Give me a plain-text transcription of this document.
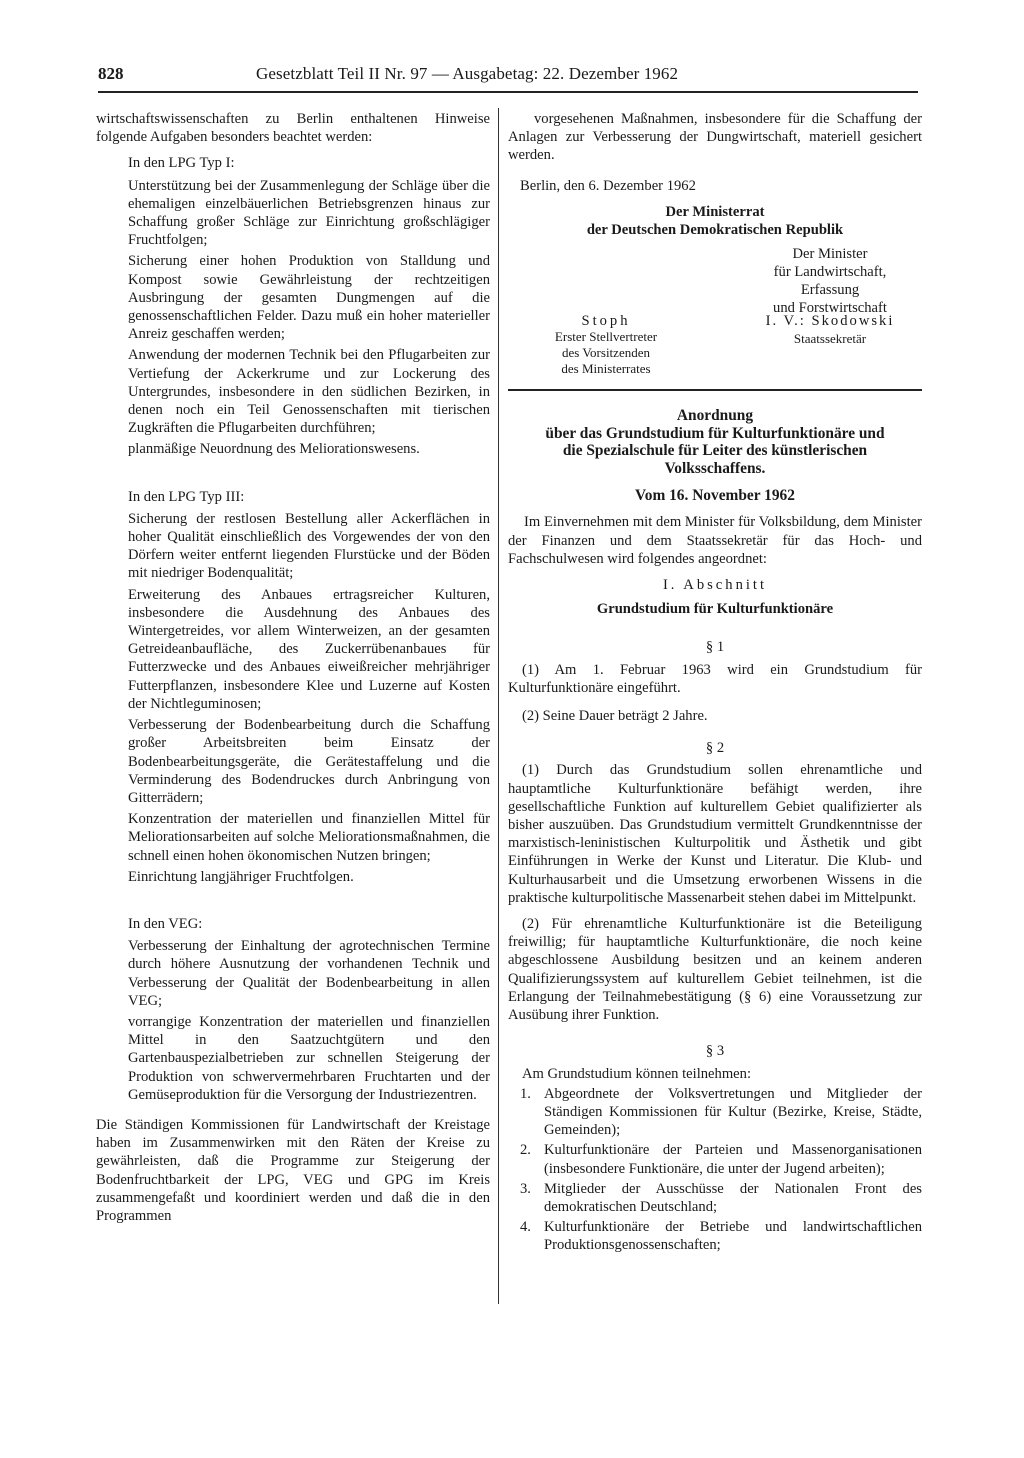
828	Gesetzblatt Teil II Nr. 97 — Ausgabetag: 22. Dezember 1962

wirtschaftswissenschaften zu Berlin enthaltenen Hinweise folgende Aufgaben besonders beachtet werden:

In den LPG Typ I:
Unterstützung bei der Zusammenlegung der Schläge über die ehemaligen einzelbäuerlichen Betriebsgrenzen hinaus zur Schaffung großer Schläge zur Einrichtung großschlägiger Fruchtfolgen;
Sicherung einer hohen Produktion von Stalldung und Kompost sowie Gewährleistung der rechtzeitigen Ausbringung der gesamten Dungmengen auf die genossenschaftlichen Felder. Dazu muß ein hoher materieller Anreiz geschaffen werden;
Anwendung der modernen Technik bei den Pflugarbeiten zur Vertiefung der Ackerkrume und zur Lockerung des Untergrundes, insbesondere in den südlichen Bezirken, in denen noch ein Teil Genossenschaften mit tierischen Zugkräften die Pflugarbeiten durchführen;
planmäßige Neuordnung des Meliorationswesens.
In den LPG Typ III:
Sicherung der restlosen Bestellung aller Ackerflächen in hoher Qualität einschließlich des Vorgewendes der von den Dörfern weiter entfernt liegenden Flurstücke und der Böden mit niedriger Bodenqualität;
Erweiterung des Anbaues ertragsreicher Kulturen, insbesondere die Ausdehnung des Anbaues des Wintergetreides, vor allem Winterweizen, an der gesamten Getreideanbaufläche, des Zuckerrübenanbaues für Futterzwecke und des Anbaues eiweißreicher mehrjähriger Futterpflanzen, insbesondere Klee und Luzerne auf Kosten der Nichtleguminosen;
Verbesserung der Bodenbearbeitung durch die Schaffung großer Arbeitsbreiten beim Einsatz der Bodenbearbeitungsgeräte, die Gerätestaffelung und die Verminderung des Bodendruckes durch Anbringung von Gitterrädern;
Konzentration der materiellen und finanziellen Mittel für Meliorationsarbeiten auf solche Meliorationsmaßnahmen, die schnell einen hohen ökonomischen Nutzen bringen;
Einrichtung langjähriger Fruchtfolgen.
In den VEG:
Verbesserung der Einhaltung der agrotechnischen Termine durch höhere Ausnutzung der vorhandenen Technik und Verbesserung der Qualität der Bodenbearbeitung in allen VEG;
vorrangige Konzentration der materiellen und finanziellen Mittel in den Saatzuchtgütern und den Gartenbauspezialbetrieben zur schnellen Steigerung der Produktion von schwervermehrbaren Fruchtarten und der Gemüseproduktion für die Versorgung der Industriezentren.

Die Ständigen Kommissionen für Landwirtschaft der Kreistage haben im Zusammenwirken mit den Räten der Kreise zu gewährleisten, daß die Programme zur Steigerung der Bodenfruchtbarkeit der LPG, VEG und GPG im Kreis zusammengefaßt und koordiniert werden und daß die in den Programmen

vorgesehenen Maßnahmen, insbesondere für die Schaffung der Anlagen zur Verbesserung der Dungwirtschaft, materiell gesichert werden.

Berlin, den 6. Dezember 1962

Der Ministerrat
der Deutschen Demokratischen Republik
Der Minister
für Landwirtschaft,
Erfassung
und Forstwirtschaft
Stoph
Erster Stellvertreter
des Vorsitzenden
des Ministerrates
I. V.: Skodowski
Staatssekretär
Anordnung
über das Grundstudium für Kulturfunktionäre und
die Spezialschule für Leiter des künstlerischen
Volksschaffens.
Vom 16. November 1962

Im Einvernehmen mit dem Minister für Volksbildung, dem Minister der Finanzen und dem Staatssekretär für das Hoch- und Fachschulwesen wird folgendes angeordnet:

I. Abschnitt
Grundstudium für Kulturfunktionäre
§ 1

(1) Am 1. Februar 1963 wird ein Grundstudium für Kulturfunktionäre eingeführt.

(2) Seine Dauer beträgt 2 Jahre.

§ 2

(1) Durch das Grundstudium sollen ehrenamtliche und hauptamtliche Kulturfunktionäre befähigt werden, ihre gesellschaftliche Funktion auf kulturellem Gebiet qualifizierter als bisher auszuüben. Das Grundstudium vermittelt Grundkenntnisse der marxistisch-leninistischen Kulturpolitik und Ästhetik und gibt Einführungen in Werke der Kunst und Literatur. Die Klub- und Kulturhausarbeit und die Umsetzung erworbenen Wissens in die praktische kulturpolitische Massenarbeit stehen dabei im Mittelpunkt.

(2) Für ehrenamtliche Kulturfunktionäre ist die Beteiligung freiwillig; für hauptamtliche Kulturfunktionäre, die noch keine abgeschlossene Ausbildung besitzen und an keinem anderen Qualifizierungssystem auf kulturellem Gebiet teilnehmen, ist die Erlangung der Teilnahmebestätigung (§ 6) eine Voraussetzung zur Ausübung ihrer Funktion.

§ 3

Am Grundstudium können teilnehmen:

1. Abgeordnete der Volksvertretungen und Mitglieder der Ständigen Kommissionen für Kultur (Bezirke, Kreise, Städte, Gemeinden);
2. Kulturfunktionäre der Parteien und Massenorganisationen (insbesondere Funktionäre, die unter der Jugend arbeiten);
3. Mitglieder der Ausschüsse der Nationalen Front des demokratischen Deutschland;
4. Kulturfunktionäre der Betriebe und landwirtschaftlichen Produktionsgenossenschaften;
